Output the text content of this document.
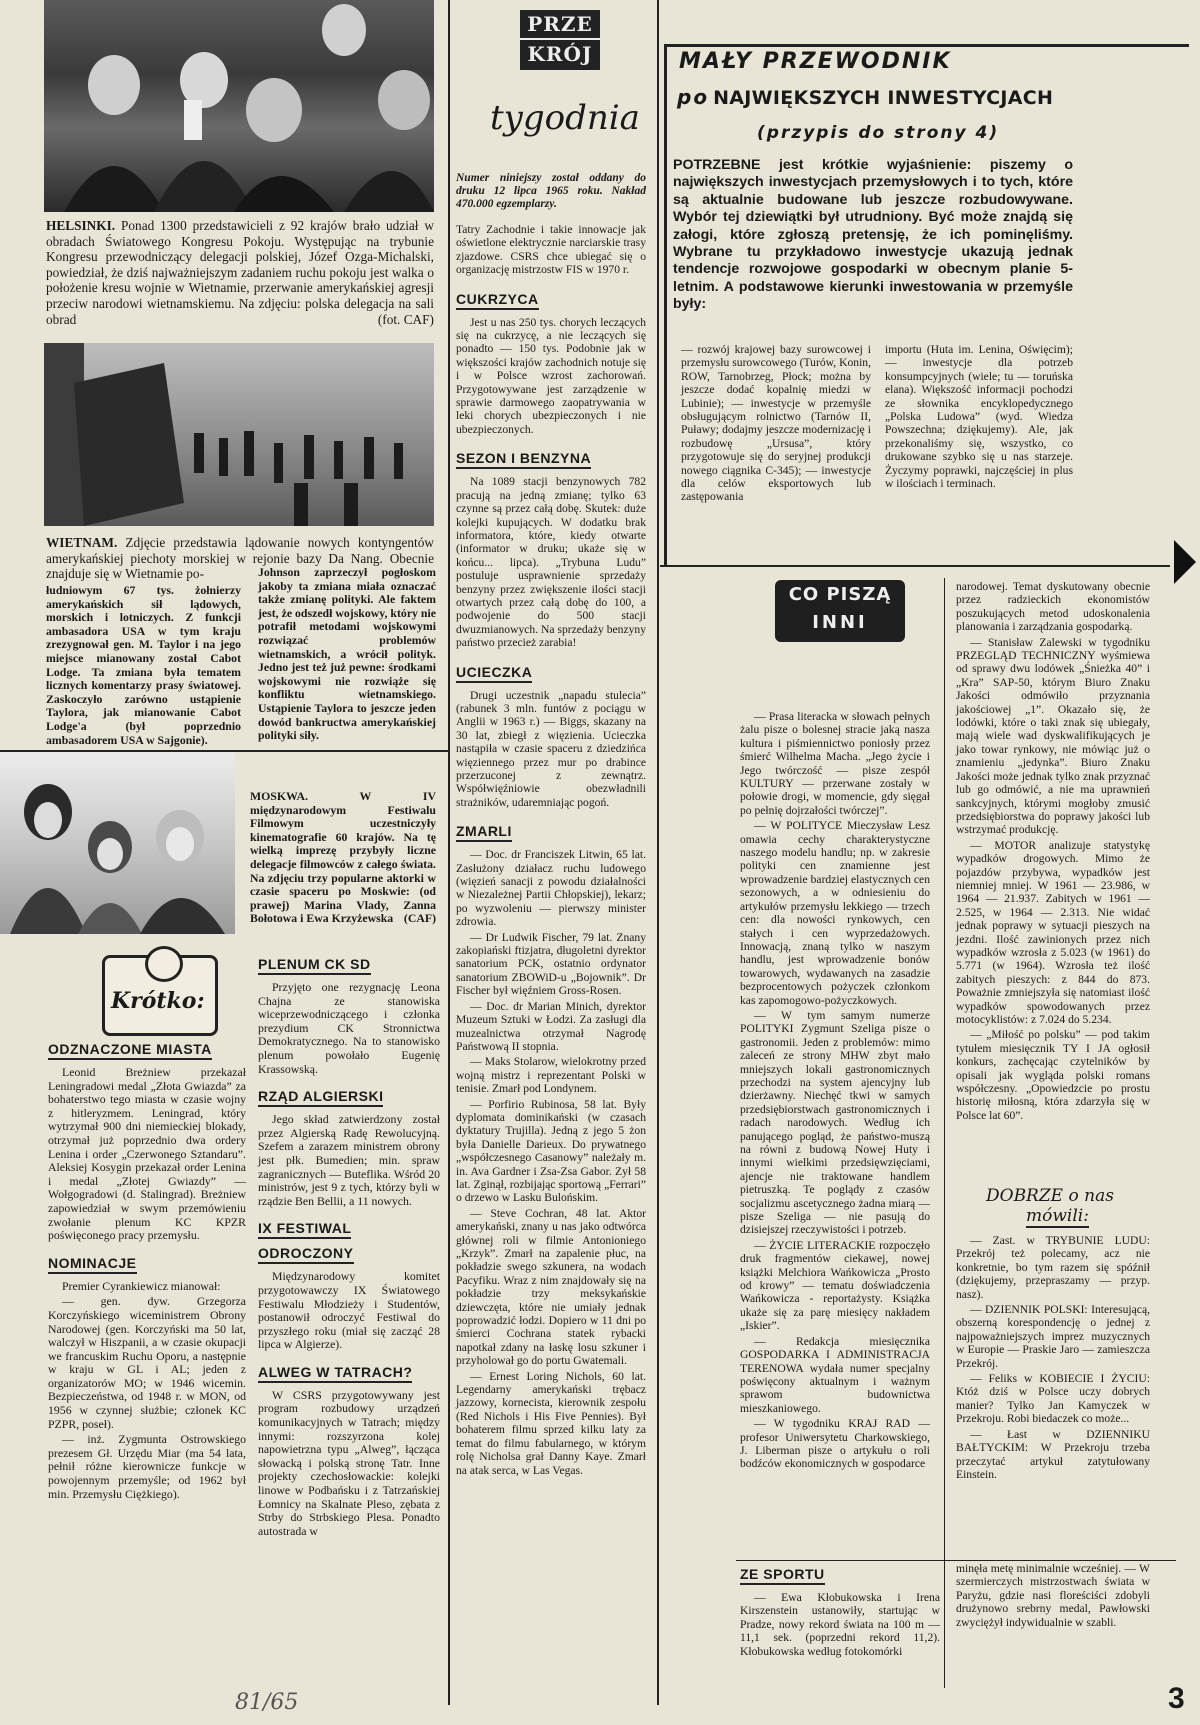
HELSINKI. Ponad 1300 przedstawicieli z 92 krajów brało udział w obradach Światowego Kongresu Pokoju. Występując na trybunie Kongresu przewodniczący delegacji polskiej, Józef Ozga-Michalski, powiedział, że dziś najważniejszym zadaniem ruchu pokoju jest walka o położenie kresu wojnie w Wietnamie, przerwanie amerykańskiej agresji przeciw narodowi wietnamskiemu. Na zdjęciu: polska delegacja na sali obrad	(fot. CAF)
WIETNAM. Zdjęcie przedstawia lądowanie nowych kontyngentów amerykańskiej piechoty morskiej w rejonie bazy Da Nang. Obecnie znajduje się w Wietnamie po-
łudniowym 67 tys. żołnierzy amerykańskich sił lądowych, morskich i lotniczych. Z funkcji ambasadora USA w tym kraju zrezygnował gen. M. Taylor i na jego miejsce mianowany został Cabot Lodge. Ta zmiana była tematem licznych komentarzy prasy światowej. Zaskoczyło zarówno ustąpienie Taylora, jak mianowanie Cabot Lodge'a (był poprzednio ambasadorem USA w Sajgonie).
Johnson zaprzeczył pogłoskom jakoby ta zmiana miała oznaczać także zmianę polityki. Ale faktem jest, że odszedł wojskowy, który nie potrafił metodami wojskowymi rozwiązać problemów wietnamskich, a wrócił polityk. Jedno jest też już pewne: środkami wojskowymi nie rozwiąże się konfliktu wietnamskiego. Ustąpienie Taylora to jeszcze jeden dowód bankructwa amerykańskiej polityki siły.
MOSKWA. W IV międzynarodowym Festiwalu Filmowym uczestniczyły kinematografie 60 krajów. Na tę wielką imprezę przybyły liczne delegacje filmowców z całego świata. Na zdjęciu trzy popularne aktorki w czasie spaceru po Moskwie: (od prawej) Marina Vlady, Zanna Bołotowa i Ewa Krzyżewska (CAF)
Krótko:
ODZNACZONE MIASTA

Leonid Breżniew przekazał Leningradowi medal „Złota Gwiazda” za bohaterstwo tego miasta w czasie wojny z hitleryzmem. Leningrad, który wytrzymał 900 dni niemieckiej blokady, otrzymał już poprzednio dwa ordery Lenina i order „Czerwonego Sztandaru”. Aleksiej Kosygin przekazał order Lenina i medal „Złotej Gwiazdy” — Wołgogradowi (d. Stalingrad). Breżniew zapowiedział w swym przemówieniu zwołanie plenum KC KPZR poświęconego pracy przemysłu.

NOMINACJE

Premier Cyrankiewicz mianował:

— gen. dyw. Grzegorza Korczyńskiego wiceministrem Obrony Narodowej (gen. Korczyński ma 50 lat, walczył w Hiszpanii, a w czasie okupacji we francuskim Ruchu Oporu, a następnie w kraju w GL i AL; jeden z organizatorów MO; w 1946 wicemin. Bezpieczeństwa, od 1948 r. w MON, od 1956 w czynnej służbie; członek KC PZPR, poseł).

— inż. Zygmunta Ostrowskiego prezesem Gł. Urzędu Miar (ma 54 lata, pełnił różne kierownicze funkcje w powojennym przemyśle; od 1962 był min. Przemysłu Ciężkiego).

PLENUM CK SD

Przyjęto one rezygnację Leona Chajna ze stanowiska wiceprzewodniczącego i członka prezydium CK Stronnictwa Demokratycznego. Na to stanowisko plenum powołało Eugenię Krassowską.

RZĄD ALGIERSKI

Jego skład zatwierdzony został przez Algierską Radę Rewolucyjną. Szefem a zarazem ministrem obrony jest płk. Bumedien; min. spraw zagranicznych — Buteflika. Wśród 20 ministrów, jest 9 z tych, którzy byli w rządzie Ben Bellii, a 11 nowych.

IX FESTIWAL
ODROCZONY

Międzynarodowy komitet przygotowawczy IX Światowego Festiwalu Młodzieży i Studentów, postanowił odroczyć Festiwal do przyszłego roku (miał się zacząć 28 lipca w Algierze).

ALWEG W TATRACH?

W CSRS przygotowywany jest program rozbudowy urządzeń komunikacyjnych w Tatrach; między innymi: rozszyrzona kolej napowietrzna typu „Alweg”, łącząca słowacką i polską stronę Tatr. Inne projekty czechosłowackie: kolejki linowe w Podbańsku i z Tatrzańskiej Łomnicy na Skalnate Pleso, zębata z Strby do Strbskiego Plesa. Ponadto autostrada w

PRZE
KRÓJ
tygodnia
Numer niniejszy został oddany do druku 12 lipca 1965 roku. Nakład 470.000 egzemplarzy.

Tatry Zachodnie i takie innowacje jak oświetlone elektrycznie narciarskie trasy zjazdowe. CSRS chce ubiegać się o organizację mistrzostw FIS w 1970 r.

CUKRZYCA

Jest u nas 250 tys. chorych leczących się na cukrzycę, a nie leczących się ponadto — 150 tys. Podobnie jak w większości krajów zachodnich notuje się i w Polsce wzrost zachorowań. Przygotowywane jest zarządzenie w sprawie darmowego zaopatrywania w leki chorych ubezpieczonych i nie ubezpieczonych.

SEZON I BENZYNA

Na 1089 stacji benzynowych 782 pracują na jedną zmianę; tylko 63 czynne są przez całą dobę. Skutek: duże kolejki kupujących. W dodatku brak informatora, które, kiedy otwarte (informator w druku; ukaże się w końcu... lipca). „Trybuna Ludu” postuluje usprawnienie sprzedaży benzyny przez zwiększenie ilości stacji otwartych przez całą dobę do 100, a podwojenie do 500 stacji dwuzmianowych. Na sprzedaży benzyny państwo przecież zarabia!

UCIECZKA

Drugi uczestnik „napadu stulecia” (rabunek 3 mln. funtów z pociągu w Anglii w 1963 r.) — Biggs, skazany na 30 lat, zbiegł z więzienia. Ucieczka nastąpiła w czasie spaceru z dziedzińca więziennego przez mur po drabince przerzuconej z zewnątrz. Współwięźniowie obezwładnili strażników, udaremniając pogoń.

ZMARLI

— Doc. dr Franciszek Litwin, 65 lat. Zasłużony działacz ruchu ludowego (więzień sanacji z powodu działalności w Niezależnej Partii Chłopskiej), lekarz; po wyzwoleniu — pierwszy minister zdrowia.

— Dr Ludwik Fischer, 79 lat. Znany zakopiański ftizjatra, długoletni dyrektor sanatorium PCK, ostatnio ordynator sanatorium ZBOWiD-u „Bojownik”. Dr Fischer był więźniem Gross-Rosen.

— Doc. dr Marian Minich, dyrektor Muzeum Sztuki w Łodzi. Za zasługi dla muzealnictwa otrzymał Nagrodę Państwową II stopnia.

— Maks Stolarow, wielokrotny przed wojną mistrz i reprezentant Polski w tenisie. Zmarł pod Londynem.

— Porfirio Rubinosa, 58 lat. Były dyplomata dominikański (w czasach dyktatury Trujilla). Jedną z jego 5 żon była Danielle Darieux. Do prywatnego „współczesnego Casanowy” należały m. in. Ava Gardner i Zsa-Zsa Gabor. Zył 58 lat. Zginął, rozbijając sportową „Ferrari” o drzewo w Lasku Bulońskim.

— Steve Cochran, 48 lat. Aktor amerykański, znany u nas jako odtwórca głównej roli w filmie Antonioniego „Krzyk”. Zmarł na zapalenie płuc, na pokładzie swego szkunera, na wodach Pacyfiku. Wraz z nim znajdowały się na pokładzie trzy meksykańskie dziewczęta, które nie umiały jednak poprowadzić łodzi. Dopiero w 11 dni po śmierci Cochrana statek rybacki napotkał zdany na łaskę losu szkuner i przyholował go do portu Gwatemali.

— Ernest Loring Nichols, 60 lat. Legendarny amerykański trębacz jazzowy, kornecista, kierownik zespołu (Red Nichols i His Five Pennies). Był bohaterem filmu sprzed kilku laty za temat do filmu fabularnego, w którym rolę Nicholsa grał Danny Kaye. Zmarł na atak serca, w Las Vegas.

MAŁY PRZEWODNIK
po NAJWIĘKSZYCH INWESTYCJACH
(przypis do strony 4)
POTRZEBNE jest krótkie wyjaśnienie: piszemy o największych inwestycjach przemysłowych i to tych, które są aktualnie budowane lub jeszcze rozbudowywane. Wybór tej dziewiątki był utrudniony. Być może znajdą się załogi, które zgłoszą pretensję, że ich pominęliśmy. Wybrane tu przykładowo inwestycje ukazują jednak tendencje rozwojowe gospodarki w obecnym planie 5-letnim. A podstawowe kierunki inwestowania w przemyśle były:
— rozwój krajowej bazy surowcowej i przemysłu surowcowego (Turów, Konin, ROW, Tarnobrzeg, Płock; można by jeszcze dodać kopalnię miedzi w Lubinie); — inwestycje w przemyśle obsługującym rolnictwo (Tarnów II, Puławy; dodajmy jeszcze modernizację i rozbudowę „Ursusa”, który przygotowuje się do seryjnej produkcji nowego ciągnika C-345); — inwestycje dla celów eksportowych lub zastępowania
importu (Huta im. Lenina, Oświęcim); — inwestycje dla potrzeb konsumpcyjnych (wiele; tu — toruńska elana). Większość informacji pochodzi ze słownika encyklopedycznego „Polska Ludowa” (wyd. Wiedza Powszechna; dziękujemy). Ale, jak przekonaliśmy się, wszystko, co drukowane szybko się u nas starzeje. Życzymy poprawki, najczęściej in plus w ilościach i terminach.
CO PISZĄ
INNI

— Prasa literacka w słowach pełnych żalu pisze o bolesnej stracie jaką nasza kultura i piśmiennictwo poniosły przez śmierć Wilhelma Macha. „Jego życie i Jego twórczość — pisze zespół KULTURY — przerwane zostały w połowie drogi, w momencie, gdy sięgał po pełnię dojrzałości twórczej”.

— W POLITYCE Mieczysław Lesz omawia cechy charakterystyczne naszego modelu handlu; np. w zakresie polityki cen znamienne jest wprowadzenie bardziej elastycznych cen sezonowych, a w odniesieniu do artykułów przemysłu lekkiego — trzech cen: dla nowości rynkowych, cen stałych i cen wyprzedażowych. Innowacją, znaną tylko w naszym handlu, jest wprowadzenie bonów towarowych, wydawanych na zasadzie bezprocentowych pożyczek członkom kas zapomogowo-pożyczkowych.

— W tym samym numerze POLITYKI Zygmunt Szeliga pisze o gastronomii. Jeden z problemów: mimo zaleceń ze strony MHW zbyt mało mniejszych lokali gastronomicznych przechodzi na system ajencyjny lub dzierżawny. Niechęć tkwi w samych przedsiębiorstwach gastronomicznych i radach narodowych. Według ich panującego pogląd, że państwo-muszą na równi z budową Nowej Huty i innymi wielkimi przedsięwzięciami, ajencje nie traktowane handlem pietruszką. Te poglądy z czasów socjalizmu ascetycznego żadna miarą — pisze Szeliga — nie pasują do dzisiejszej rzeczywistości i potrzeb.

— ŻYCIE LITERACKIE rozpoczęło druk fragmentów ciekawej, nowej książki Melchiora Wańkowicza „Prosto od krowy” — tematu doświadczenia Wańkowicza - reportażysty. Książka ukaże się za parę miesięcy nakładem „Iskier”.

— Redakcja miesięcznika GOSPODARKA I ADMINISTRACJA TERENOWA wydała numer specjalny poświęcony aktualnym i ważnym sprawom budownictwa mieszkaniowego.

— W tygodniku KRAJ RAD — profesor Uniwersytetu Charkowskiego, J. Liberman pisze o artykułu o roli bodźców ekonomicznych w gospodarce

narodowej. Temat dyskutowany obecnie przez radzieckich ekonomistów poszukujących metod udoskonalenia planowania i zarządzania gospodarką.

— Stanisław Zalewski w tygodniku PRZEGLĄD TECHNICZNY wyśmiewa od sprawy dwu lodówek „Śnieżka 40” i „Kra” SAP-50, którym Biuro Znaku Jakości odmówiło przyznania jakościowej „1”. Okazało się, że lodówki, które o taki znak się ubiegały, mają wiele wad dyskwalifikujących je jako towar rynkowy, nie mówiąc już o znamieniu „jedynka”. Biuro Znaku Jakości może jednak tylko znak przyznać lub go odmówić, a nie ma uprawnień sankcyjnych, którymi mogłoby zmusić przedsiębiorstwa do poprawy jakości lub wstrzymać produkcję.

— MOTOR analizuje statystykę wypadków drogowych. Mimo że pojazdów przybywa, wypadków jest niemniej mniej. W 1961 — 23.986, w 1964 — 21.937. Zabitych w 1961 — 2.525, w 1964 — 2.313. Nie widać jednak poprawy w sytuacji pieszych na jezdni. Ilość zawinionych przez nich wypadków wzrosła z 5.023 (w 1961) do 5.771 (w 1964). Wzrosła też ilość zabitych pieszych: z 844 do 873. Poważnie zmniejszyła się natomiast ilość wypadków spowodowanych przez motocyklistów: z 7.024 do 5.234.

— „Miłość po polsku” — pod takim tytułem miesięcznik TY I JA ogłosił konkurs, zachęcając czytelników by opisali jak wygląda polski romans współczesny. „Opowiedzcie po prostu historię miłosną, która zdarzyła się w Polsce lat 60”.

DOBRZE o nas
mówili:

— Zast. w TRYBUNIE LUDU: Przekrój też polecamy, acz nie konkretnie, bo tym razem się spóźnił (dziękujemy, przepraszamy — przyp. nasz).

— DZIENNIK POLSKI: Interesującą, obszerną korespondencję o jednej z najpoważniejszych imprez muzycznych w Europie — Praskie Jaro — zamieszcza Przekrój.

— Feliks w KOBIECIE I ŻYCIU: Któż dziś w Polsce uczy dobrych manier? Tylko Jan Kamyczek w Przekroju. Robi biedaczek co może...

— Łast w DZIENNIKU BAŁTYCKIM: W Przekroju trzeba przeczytać artykuł zatytułowany Einstein.

ZE SPORTU

— Ewa Kłobukowska i Irena Kirszenstein ustanowiły, startując w Pradze, nowy rekord świata na 100 m — 11,1 sek. (poprzedni rekord 11,2). Kłobukowska według fotokomórki

minęła metę minimalnie wcześniej. — W szermierczych mistrzostwach świata w Paryżu, gdzie nasi floreściści zdobyli drużynowo srebrny medal, Pawłowski zwyciężył indywidualnie w szabli.
81/65	3
